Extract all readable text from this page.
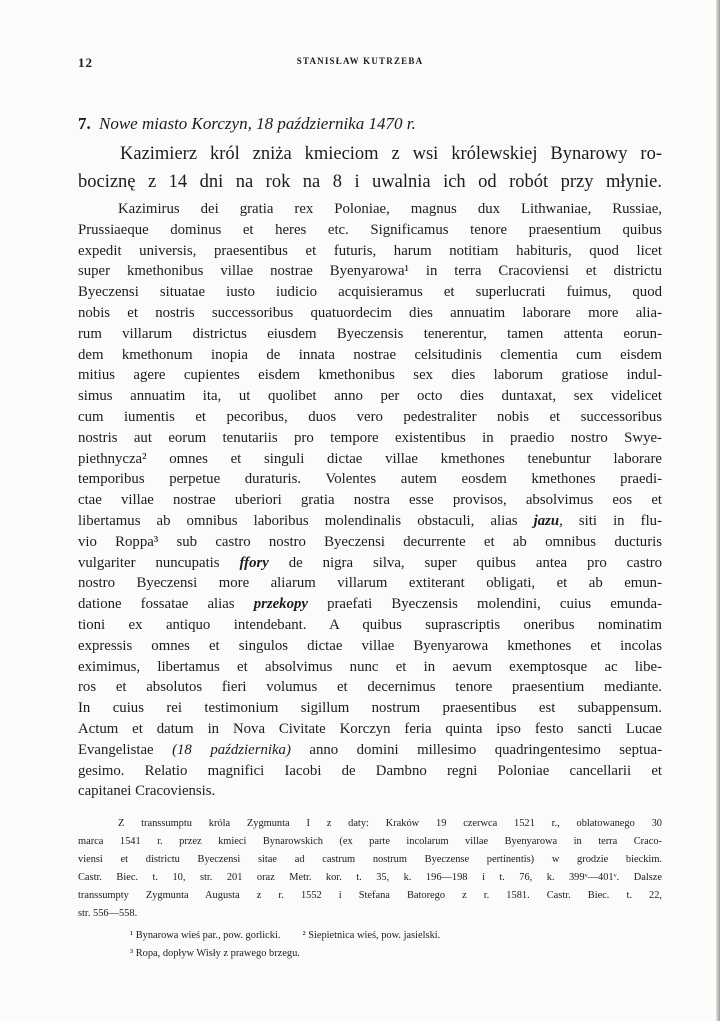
12	STANISŁAW KUTRZEBA
7. Nowe miasto Korczyn, 18 października 1470 r.
Kazimierz król zniża kmieciom z wsi królewskiej Bynarowy ro-
bociznę z 14 dni na rok na 8 i uwalnia ich od robót przy młynie.
Kazimirus dei gratia rex Poloniae, magnus dux Lithwaniae, Russiae,
Prussiaeque dominus et heres etc. Significamus tenore praesentium quibus
expedit universis, praesentibus et futuris, harum notitiam habituris, quod licet
super kmethonibus villae nostrae Byenyarowa¹ in terra Cracoviensi et districtu
Byeczensi situatae iusto iudicio acquisieramus et superlucrati fuimus, quod
nobis et nostris successoribus quatuordecim dies annuatim laborare more alia-
rum villarum districtus eiusdem Byeczensis tenerentur, tamen attenta eorun-
dem kmethonum inopia de innata nostrae celsitudinis clementia cum eisdem
mitius agere cupientes eisdem kmethonibus sex dies laborum gratiose indul-
simus annuatim ita, ut quolibet anno per octo dies duntaxat, sex videlicet
cum iumentis et pecoribus, duos vero pedestraliter nobis et successoribus
nostris aut eorum tenutariis pro tempore existentibus in praedio nostro Swye-
piethnycza² omnes et singuli dictae villae kmethones tenebuntur laborare
temporibus perpetue duraturis. Volentes autem eosdem kmethones praedi-
ctae villae nostrae uberiori gratia nostra esse provisos, absolvimus eos et
libertamus ab omnibus laboribus molendinalis obstaculi, alias jazu, siti in flu-
vio Roppa³ sub castro nostro Byeczensi decurrente et ab omnibus ducturis
vulgariter nuncupatis ffory de nigra silva, super quibus antea pro castro
nostro Byeczensi more aliarum villarum extiterant obligati, et ab emun-
datione fossatae alias przekopy praefati Byeczensis molendini, cuius emunda-
tioni ex antiquo intendebant. A quibus suprascriptis oneribus nominatim
expressis omnes et singulos dictae villae Byenyarowa kmethones et incolas
eximimus, libertamus et absolvimus nunc et in aevum exemptosque ac libe-
ros et absolutos fieri volumus et decernimus tenore praesentium mediante.
In cuius rei testimonium sigillum nostrum praesentibus est subappensum.
Actum et datum in Nova Civitate Korczyn feria quinta ipso festo sancti Lucae
Evangelistae (18 października) anno domini millesimo quadringentesimo septua-
gesimo. Relatio magnifici Iacobi de Dambno regni Poloniae cancellarii et
capitanei Cracoviensis.
Z transsumptu króla Zygmunta I z daty: Kraków 19 czerwca 1521 r., oblatowanego 30
marca 1541 r. przez kmieci Bynarowskich (ex parte incolarum villae Byenyarowa in terra Craco-
viensi et districtu Byeczensi sitae ad castrum nostrum Byeczense pertinentis) w grodzie bieckim.
Castr. Biec. t. 10, str. 201 oraz Metr. kor. t. 35, k. 196—198 i t. 76, k. 399ᵛ—401ᵛ. Dalsze
transsumpty Zygmunta Augusta z r. 1552 i Stefana Batorego z r. 1581. Castr. Biec. t. 22,
str. 556—558.
¹ Bynarowa wieś par., pow. gorlicki. ² Siepietnica wieś, pow. jasielski.
³ Ropa, dopływ Wisły z prawego brzegu.
